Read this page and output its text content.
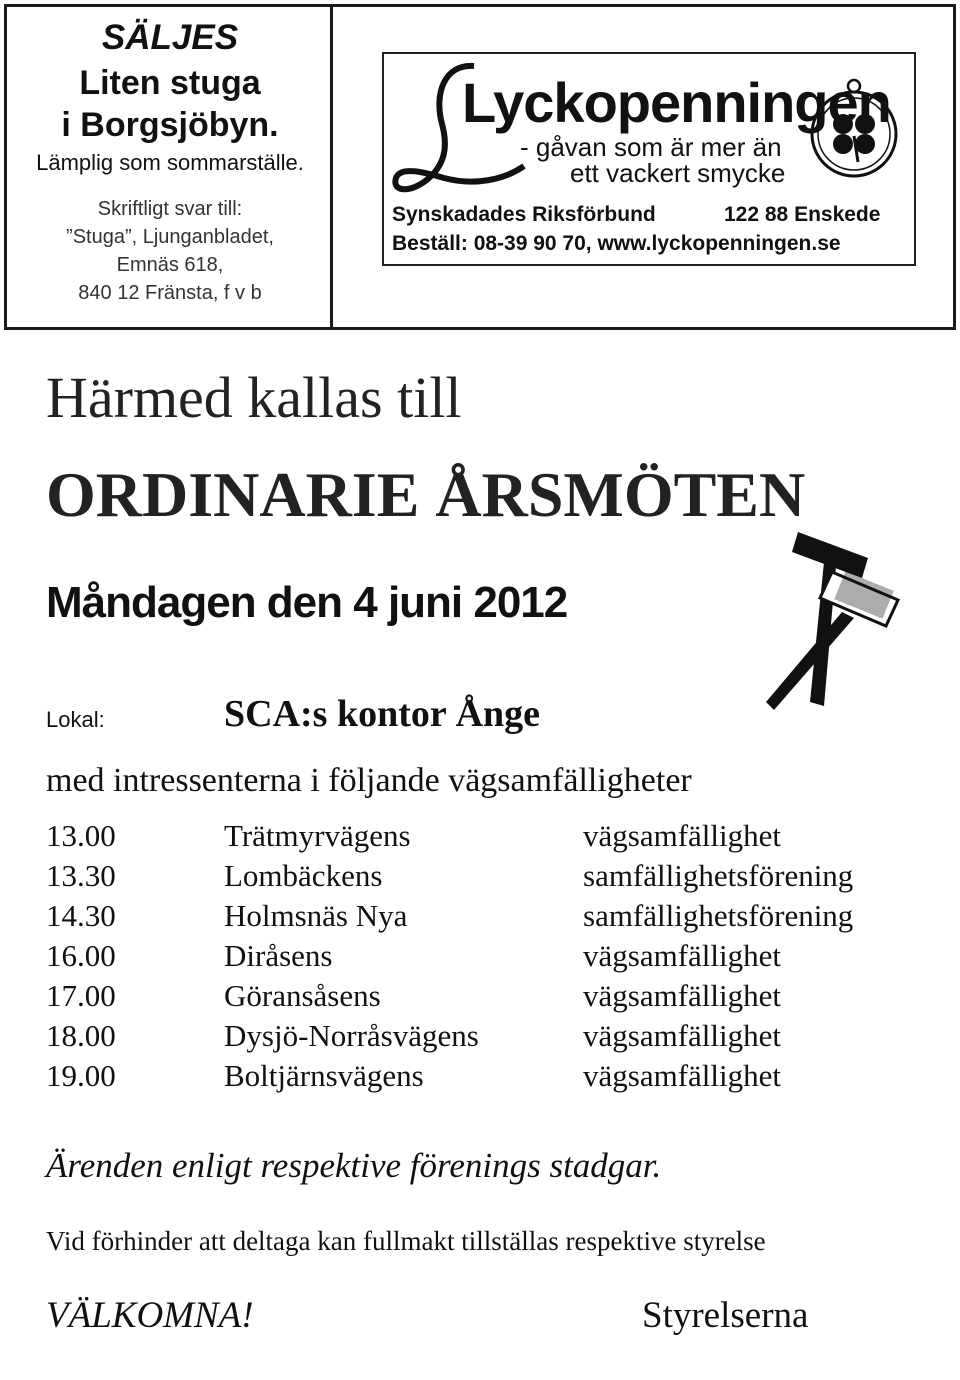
SÄLJES
Liten stuga
i Borgsjöbyn.
Lämplig som sommarställe.
Skriftligt svar till:
”Stuga”, Ljunganbladet,
Emnäs 618,
840 12 Fränsta, f v b
Lyckopenningen
- gåvan som är mer än
ett vackert smycke
Synskadades Riksförbund	122 88 Enskede
Beställ: 08-39 90 70, www.lyckopenningen.se
Härmed kallas till
ORDINARIE ÅRSMÖTEN
Måndagen den 4 juni 2012
Lokal:	SCA:s kontor Ånge
med intressenterna i följande vägsamfälligheter
13.00	Trätmyrvägens	vägsamfällighet
13.30	Lombäckens	samfällighetsförening
14.30	Holmsnäs Nya	samfällighetsförening
16.00	Diråsens	vägsamfällighet
17.00	Göransåsens	vägsamfällighet
18.00	Dysjö-Norråsvägens	vägsamfällighet
19.00	Boltjärnsvägens	vägsamfällighet
Ärenden enligt respektive förenings stadgar.
Vid förhinder att deltaga kan fullmakt tillställas respektive styrelse
VÄLKOMNA!	Styrelserna
